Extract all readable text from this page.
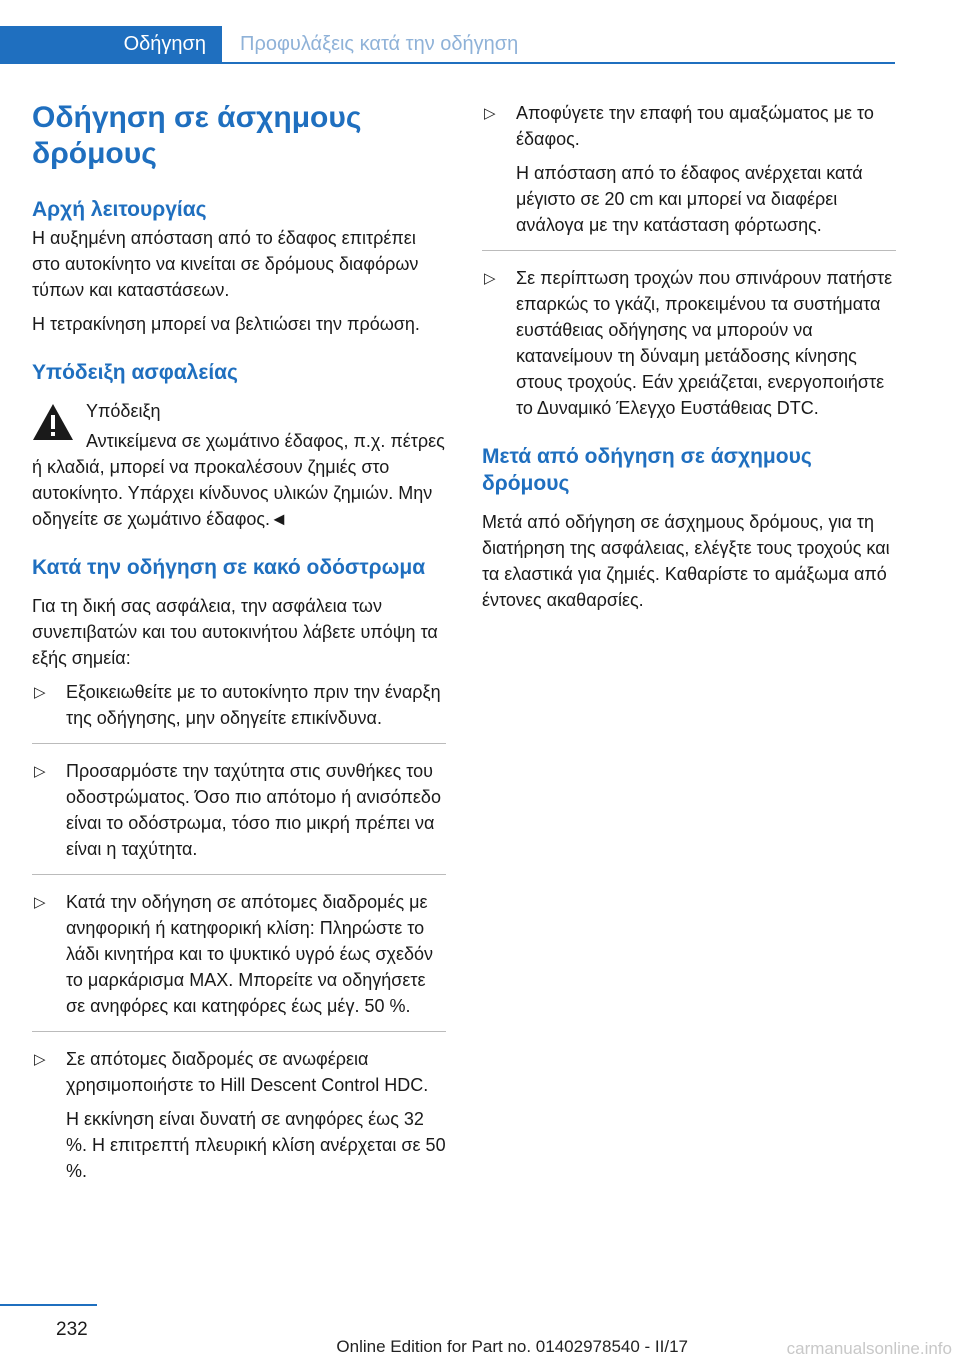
Οδήγηση	Προφυλάξεις κατά την οδήγηση
Οδήγηση σε άσχημους δρόμους
Αρχή λειτουργίας

Η αυξημένη απόσταση από το έδαφος επιτρέπει στο αυτοκίνητο να κινείται σε δρόμους διαφόρων τύπων και καταστάσεων.

Η τετρακίνηση μπορεί να βελτιώσει την πρόωση.

Υπόδειξη ασφαλείας

Υπόδειξη

Αντικείμενα σε χωμάτινο έδαφος, π.χ. πέτρες ή κλαδιά, μπορεί να προκαλέσουν ζημιές στο αυτοκίνητο. Υπάρχει κίνδυνος υλικών ζημιών. Μην οδηγείτε σε χωμάτινο έδαφος.◄

Κατά την οδήγηση σε κακό οδόστρωμα

Για τη δική σας ασφάλεια, την ασφάλεια των συνεπιβατών και του αυτοκινήτου λάβετε υπόψη τα εξής σημεία:

▷ Εξοικειωθείτε με το αυτοκίνητο πριν την έναρξη της οδήγησης, μην οδηγείτε επικίνδυνα.

▷ Προσαρμόστε την ταχύτητα στις συνθήκες του οδοστρώματος. Όσο πιο απότομο ή ανισόπεδο είναι το οδόστρωμα, τόσο πιο μικρή πρέπει να είναι η ταχύτητα.

▷ Κατά την οδήγηση σε απότομες διαδρομές με ανηφορική ή κατηφορική κλίση: Πληρώστε το λάδι κινητήρα και το ψυκτικό υγρό έως σχεδόν το μαρκάρισμα MAX. Μπορείτε να οδηγήσετε σε ανηφόρες και κατηφόρες έως μέγ. 50 %.

▷ Σε απότομες διαδρομές σε ανωφέρεια χρησιμοποιήστε το Hill Descent Control HDC.

Η εκκίνηση είναι δυνατή σε ανηφόρες έως 32 %. Η επιτρεπτή πλευρική κλίση ανέρχεται σε 50 %.

▷ Αποφύγετε την επαφή του αμαξώματος με το έδαφος.

Η απόσταση από το έδαφος ανέρχεται κατά μέγιστο σε 20 cm και μπορεί να διαφέρει ανάλογα με την κατάσταση φόρτωσης.

▷ Σε περίπτωση τροχών που σπινάρουν πατήστε επαρκώς το γκάζι, προκειμένου τα συστήματα ευστάθειας οδήγησης να μπορούν να κατανείμουν τη δύναμη μετάδοσης κίνησης στους τροχούς. Εάν χρειάζεται, ενεργοποιήστε το Δυναμικό Έλεγχο Ευστάθειας DTC.

Μετά από οδήγηση σε άσχημους δρόμους

Μετά από οδήγηση σε άσχημους δρόμους, για τη διατήρηση της ασφάλειας, ελέγξτε τους τροχούς και τα ελαστικά για ζημιές. Καθαρίστε το αμάξωμα από έντονες ακαθαρσίες.

232
Online Edition for Part no. 01402978540 - II/17	carmanualsonline.info
